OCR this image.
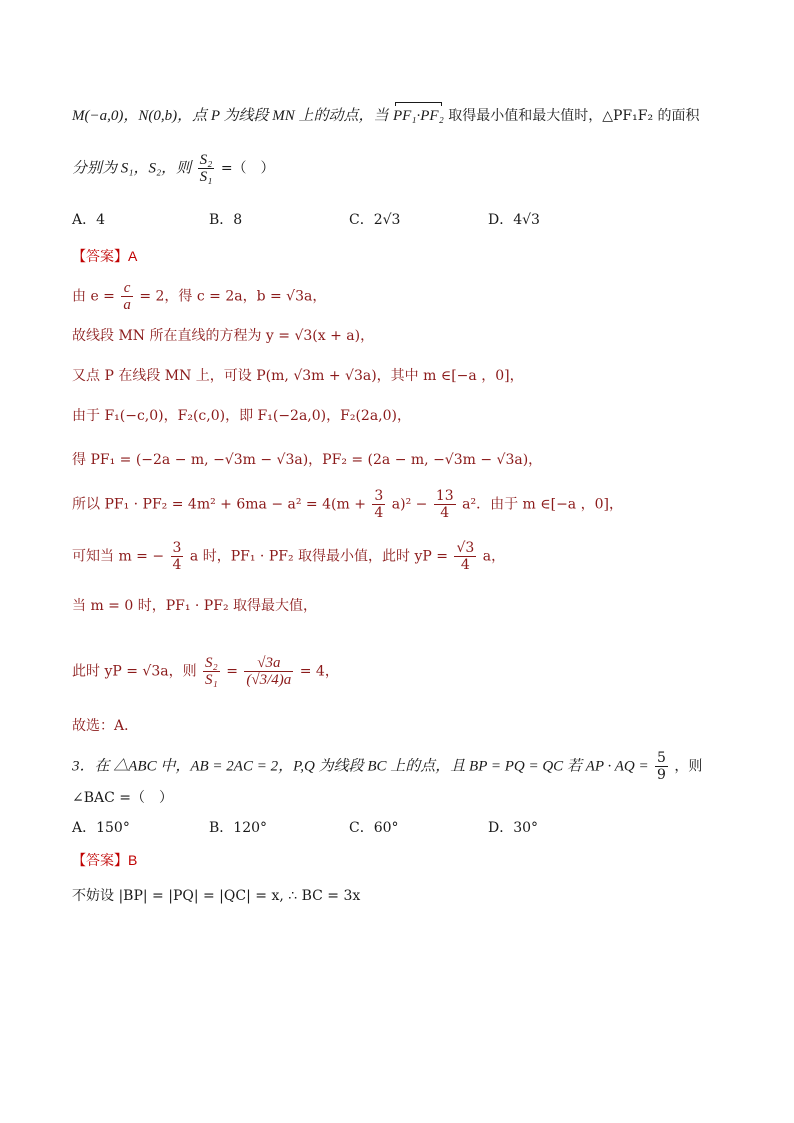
M(−a,0)，N(0,b)，点 P 为线段 MN 上的动点，当 PF₁·PF₂ 取得最小值和最大值时，△PF₁F₂ 的面积
分别为 S₁，S₂，则 $\frac{\text{S₂}}{\text{S₁}}$ =（　）
A．4	B．8	C．2√3	D．4√3
【答案】A
由 $e = \frac{c}{a} = 2$，得 c = 2a，b = √3a，
故线段 MN 所在直线的方程为 y = √3(x + a)，
又点 P 在线段 MN 上，可设 P(m, √3m + √3a)，其中 m ∈[−a ，0]，
由于 F₁(−c,0)，F₂(c,0)，即 F₁(−2a,0)，F₂(2a,0)，
得 PF₁ = (−2a − m, −√3m − √3a)，PF₂ = (2a − m, −√3m − √3a)，
所以 $PF_1 \cdot PF_2 = 4m^2 + 6ma - a^2 = 4(m + \frac{3}{4} a)^2 - \frac{13}{4} a^2$．由于 m ∈[−a ，0]，
可知当 m = − $\frac{3}{4}$ a 时，PF₁ · PF₂ 取得最小值，此时 yP = $\frac{√3}{4}$ a，
当 m = 0 时，PF₁ · PF₂ 取得最大值，
此时 yP = √3a，则 $\frac{\text{S₂}}{\text{S₁}} = \frac{√3a}{(√3/4)a} = 4$，
故选：A．
3．在 △ABC 中，AB = 2AC = 2，P,Q 为线段 BC 上的点，且 BP = PQ = QC 若 AP · AQ = $\frac{5}{9}$ ，则
∠BAC =（　）
A．150°	B．120°	C．60°	D．30°
【答案】B
不妨设 |BP| = |PQ| = |QC| = x, ∴ BC = 3x
